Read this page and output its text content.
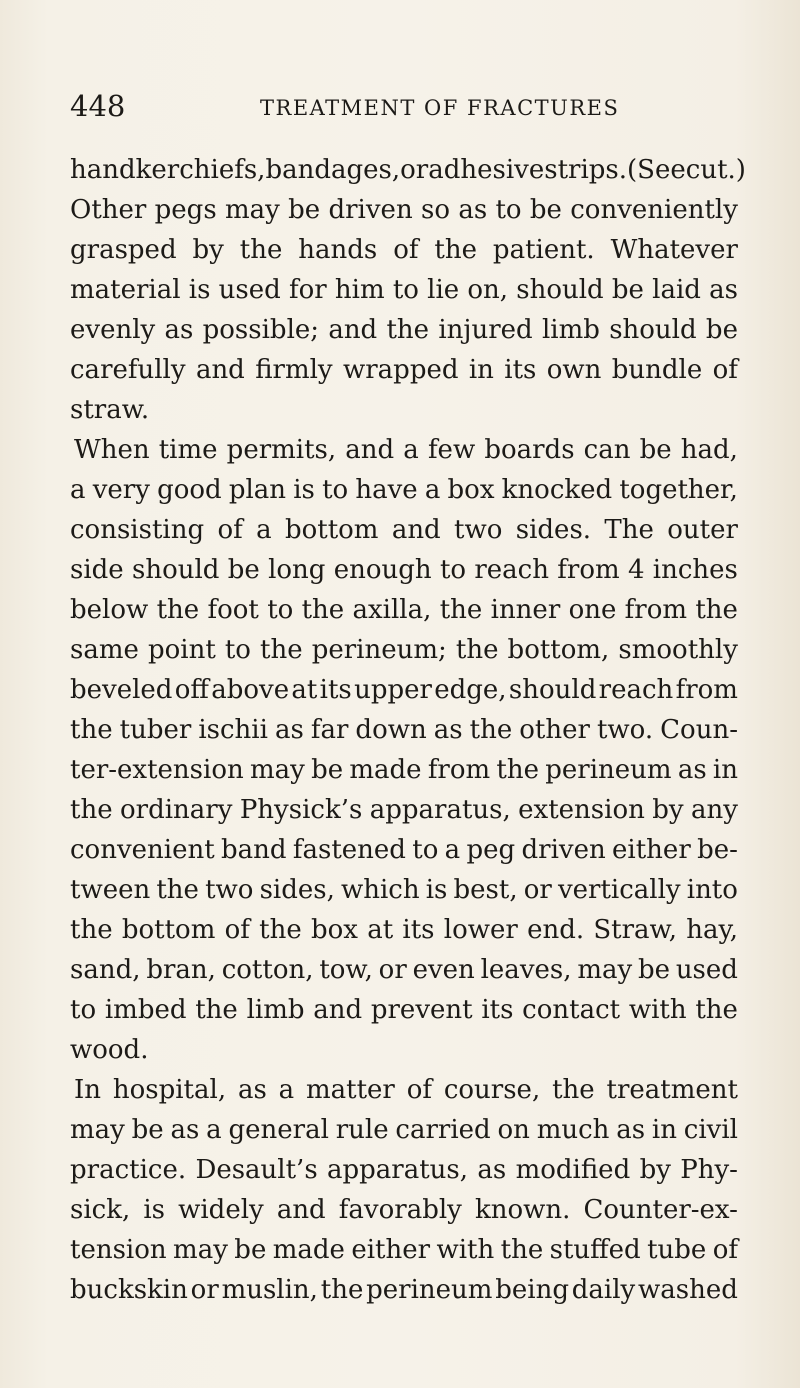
448	TREATMENT OF FRACTURES
handkerchiefs, bandages, or adhesive strips. (See cut.)
Other pegs may be driven so as to be conveniently
grasped by the hands of the patient. Whatever
material is used for him to lie on, should be laid as
evenly as possible; and the injured limb should be
carefully and firmly wrapped in its own bundle of
straw.
When time permits, and a few boards can be had,
a very good plan is to have a box knocked together,
consisting of a bottom and two sides. The outer
side should be long enough to reach from 4 inches
below the foot to the axilla, the inner one from the
same point to the perineum; the bottom, smoothly
beveled off above at its upper edge, should reach from
the tuber ischii as far down as the other two. Coun-
ter-extension may be made from the perineum as in
the ordinary Physick’s apparatus, extension by any
convenient band fastened to a peg driven either be-
tween the two sides, which is best, or vertically into
the bottom of the box at its lower end. Straw, hay,
sand, bran, cotton, tow, or even leaves, may be used
to imbed the limb and prevent its contact with the
wood.
In hospital, as a matter of course, the treatment
may be as a general rule carried on much as in civil
practice. Desault’s apparatus, as modified by Phy-
sick, is widely and favorably known. Counter-ex-
tension may be made either with the stuffed tube of
buckskin or muslin, the perineum being daily washed
